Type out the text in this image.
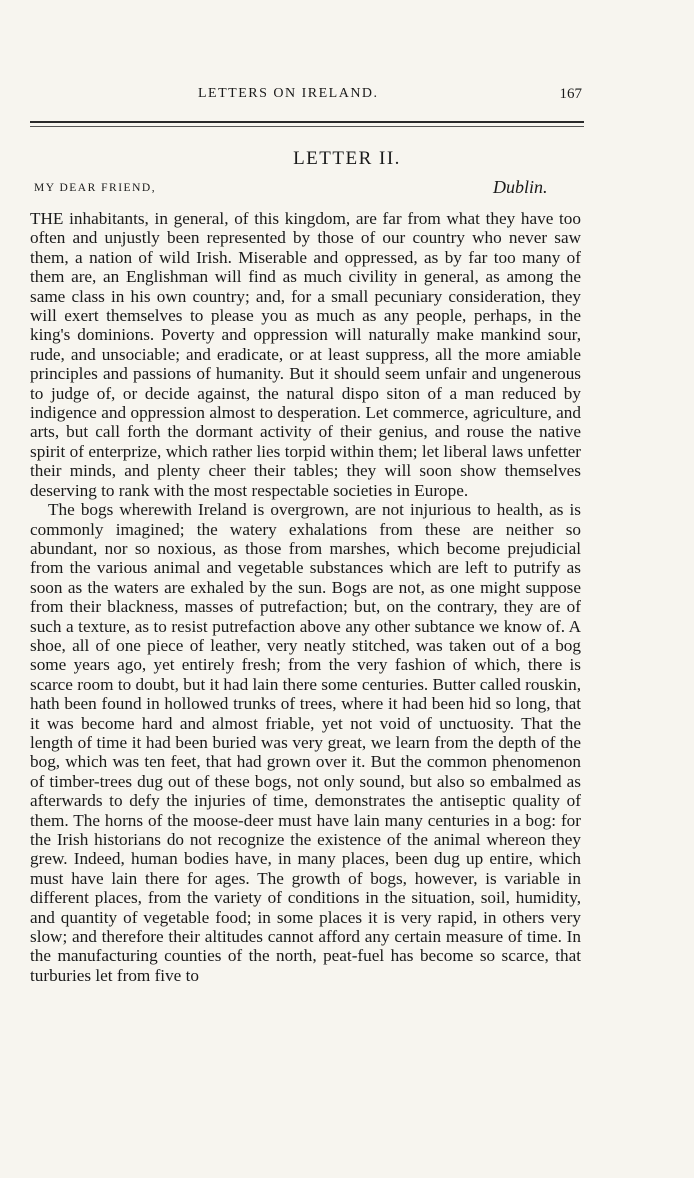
LETTERS ON IRELAND.	167
LETTER II.
MY DEAR FRIEND,	Dublin.

THE inhabitants, in general, of this kingdom, are far from what they have too often and unjustly been represented by those of our country who never saw them, a nation of wild Irish. Miserable and oppressed, as by far too many of them are, an Englishman will find as much civility in general, as among the same class in his own country; and, for a small pecuniary consideration, they will exert themselves to please you as much as any people, perhaps, in the king's dominions. Poverty and oppression will naturally make mankind sour, rude, and unsociable; and eradicate, or at least suppress, all the more amiable principles and passions of humanity. But it should seem unfair and ungenerous to judge of, or decide against, the natural dispo siton of a man reduced by indigence and oppression almost to desperation. Let commerce, agriculture, and arts, but call forth the dormant activity of their genius, and rouse the native spirit of enterprize, which rather lies torpid within them; let liberal laws unfetter their minds, and plenty cheer their tables; they will soon show themselves deserving to rank with the most respectable societies in Europe.

The bogs wherewith Ireland is overgrown, are not injurious to health, as is commonly imagined; the watery exhalations from these are neither so abundant, nor so noxious, as those from marshes, which become prejudicial from the various animal and vegetable substances which are left to putrify as soon as the waters are exhaled by the sun. Bogs are not, as one might suppose from their blackness, masses of putrefaction; but, on the contrary, they are of such a texture, as to resist putrefaction above any other subtance we know of. A shoe, all of one piece of leather, very neatly stitched, was taken out of a bog some years ago, yet entirely fresh; from the very fashion of which, there is scarce room to doubt, but it had lain there some centuries. Butter called rouskin, hath been found in hollowed trunks of trees, where it had been hid so long, that it was become hard and almost friable, yet not void of unctuosity. That the length of time it had been buried was very great, we learn from the depth of the bog, which was ten feet, that had grown over it. But the common phenomenon of timber-trees dug out of these bogs, not only sound, but also so embalmed as afterwards to defy the injuries of time, demonstrates the antiseptic quality of them. The horns of the moose-deer must have lain many centuries in a bog: for the Irish historians do not recognize the existence of the animal whereon they grew. Indeed, human bodies have, in many places, been dug up entire, which must have lain there for ages. The growth of bogs, however, is variable in different places, from the variety of conditions in the situation, soil, humidity, and quantity of vegetable food; in some places it is very rapid, in others very slow; and therefore their altitudes cannot afford any certain measure of time. In the manufacturing counties of the north, peat-fuel has become so scarce, that turburies let from five to
